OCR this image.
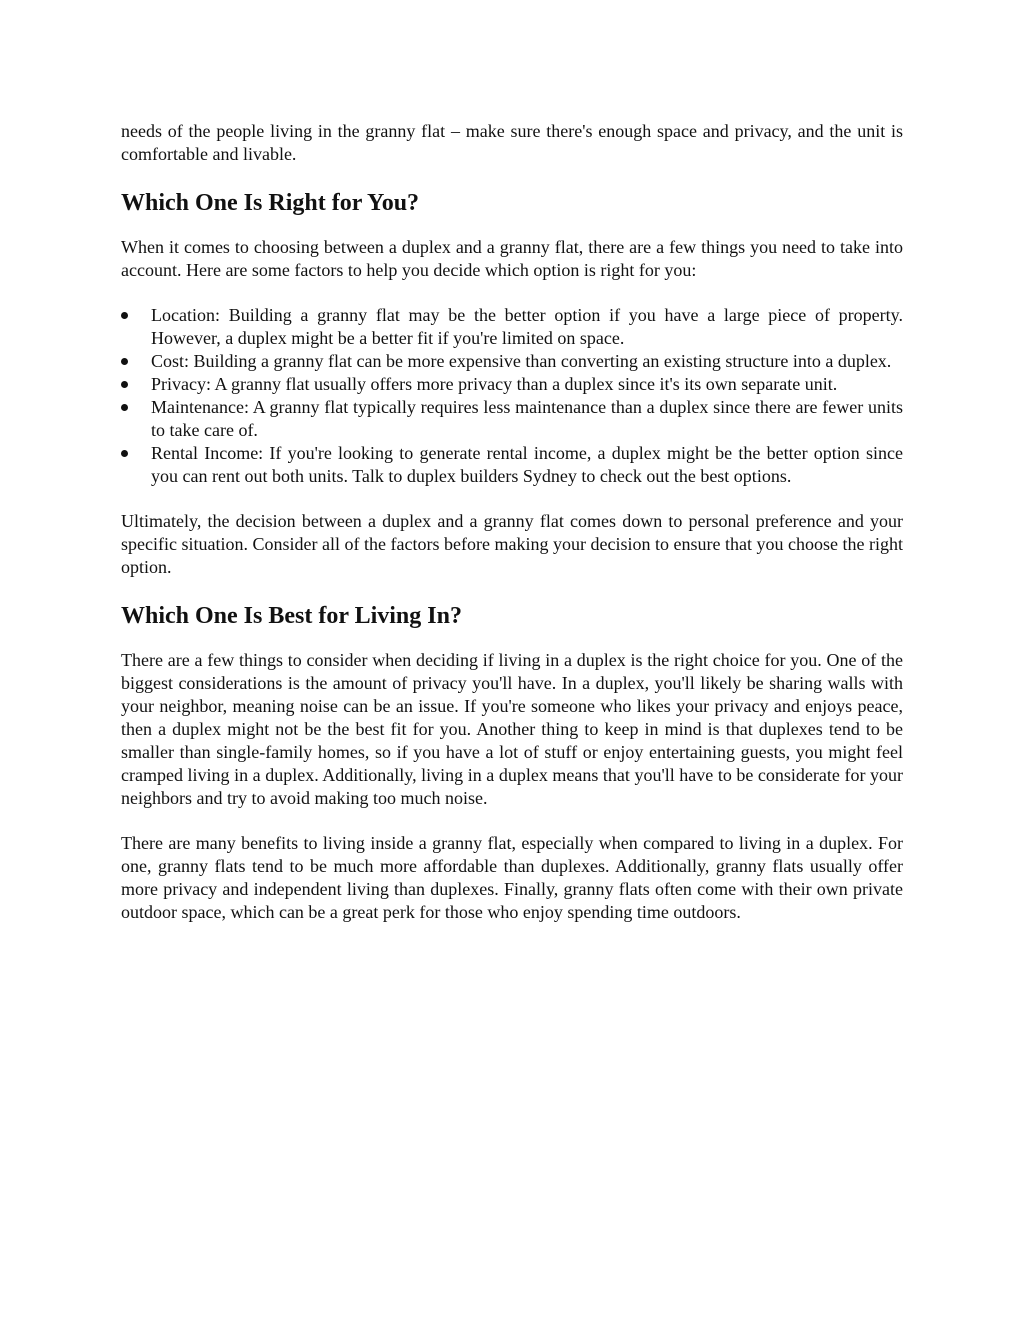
needs of the people living in the granny flat – make sure there's enough space and privacy, and the unit is comfortable and livable.

Which One Is Right for You?

When it comes to choosing between a duplex and a granny flat, there are a few things you need to take into account. Here are some factors to help you decide which option is right for you:

Location: Building a granny flat may be the better option if you have a large piece of property. However, a duplex might be a better fit if you're limited on space.
Cost: Building a granny flat can be more expensive than converting an existing structure into a duplex.
Privacy: A granny flat usually offers more privacy than a duplex since it's its own separate unit.
Maintenance: A granny flat typically requires less maintenance than a duplex since there are fewer units to take care of.
Rental Income: If you're looking to generate rental income, a duplex might be the better option since you can rent out both units. Talk to duplex builders Sydney to check out the best options.

Ultimately, the decision between a duplex and a granny flat comes down to personal preference and your specific situation. Consider all of the factors before making your decision to ensure that you choose the right option.

Which One Is Best for Living In?

There are a few things to consider when deciding if living in a duplex is the right choice for you. One of the biggest considerations is the amount of privacy you'll have. In a duplex, you'll likely be sharing walls with your neighbor, meaning noise can be an issue. If you're someone who likes your privacy and enjoys peace, then a duplex might not be the best fit for you. Another thing to keep in mind is that duplexes tend to be smaller than single-family homes, so if you have a lot of stuff or enjoy entertaining guests, you might feel cramped living in a duplex. Additionally, living in a duplex means that you'll have to be considerate for your neighbors and try to avoid making too much noise.

There are many benefits to living inside a granny flat, especially when compared to living in a duplex. For one, granny flats tend to be much more affordable than duplexes. Additionally, granny flats usually offer more privacy and independent living than duplexes. Finally, granny flats often come with their own private outdoor space, which can be a great perk for those who enjoy spending time outdoors.
